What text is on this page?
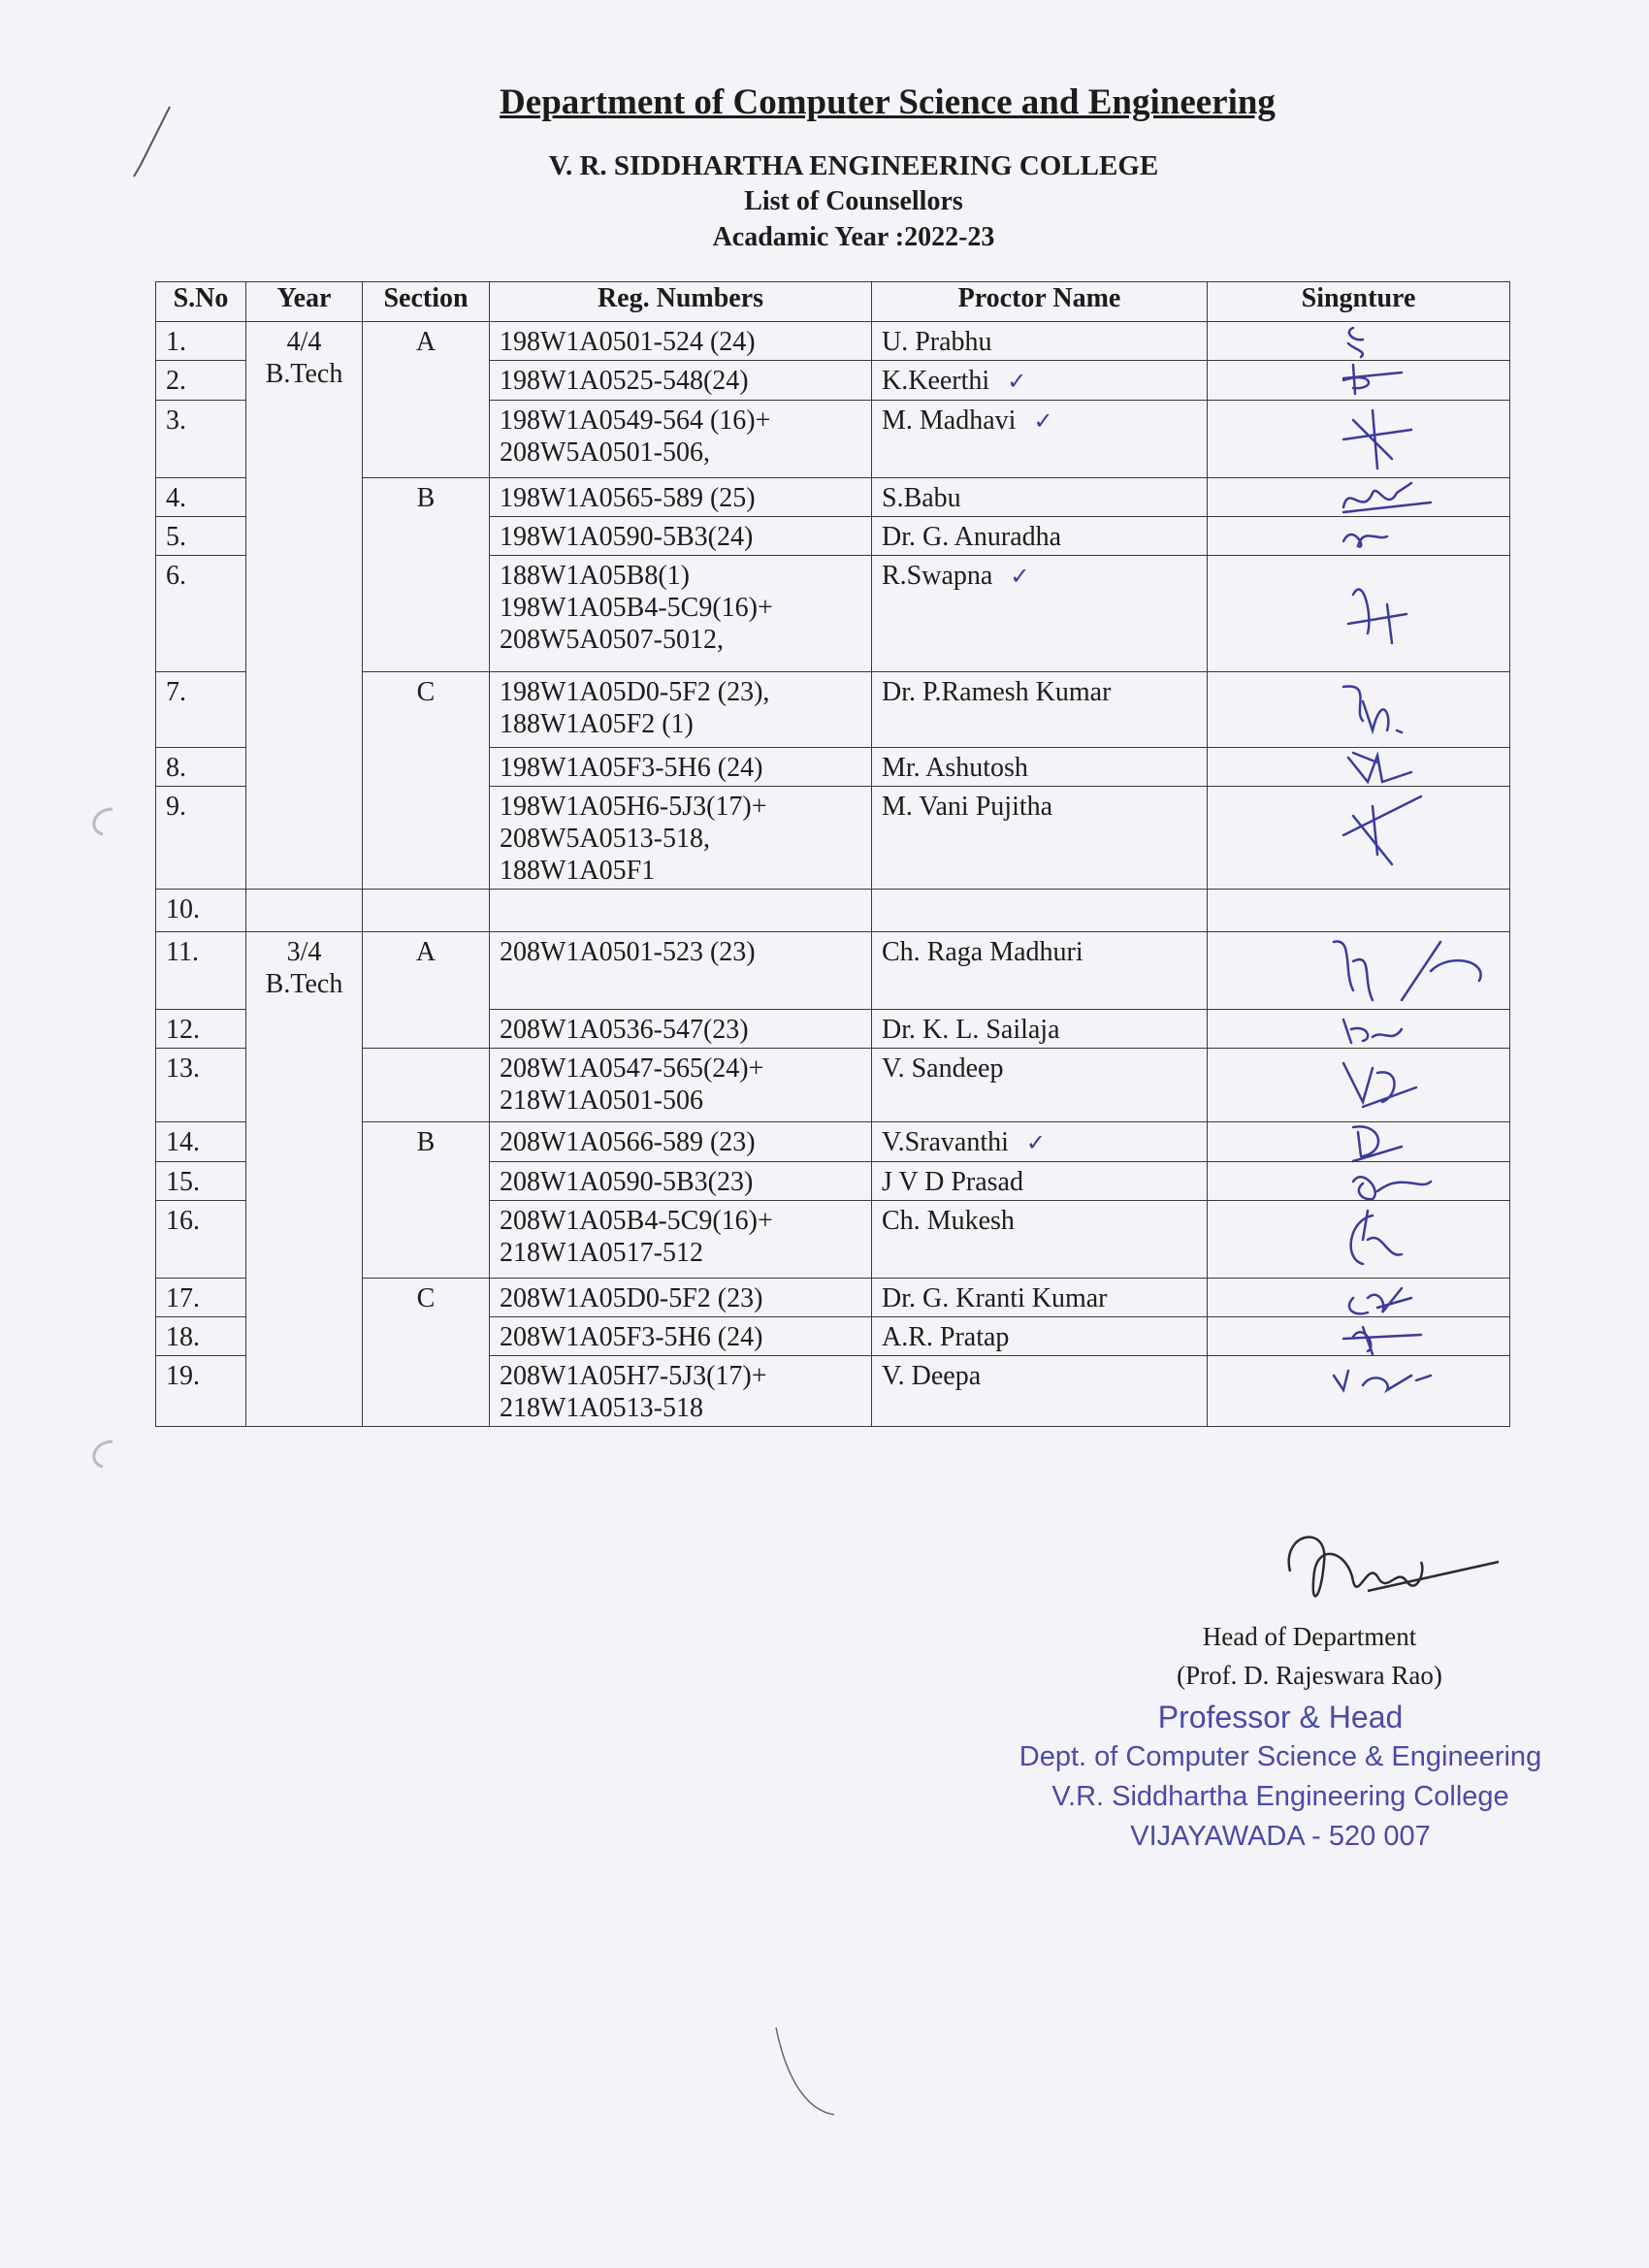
Department of Computer Science and Engineering
V. R. SIDDHARTHA ENGINEERING COLLEGE
List of Counsellors
Acadamic Year :2022-23
S.No	Year	Section	Reg. Numbers	Proctor Name	Singnture
1.	4/4
B.Tech	A	198W1A0501-524 (24)	U. Prabhu	

2.			198W1A0525-548(24)	K.Keerthi ✓	

3.			198W1A0549-564 (16)+
208W5A0501-506,	M. Madhavi ✓	

4.		B	198W1A0565-589 (25)	S.Babu	

5.			198W1A0590-5B3(24)	Dr. G. Anuradha	

6.			188W1A05B8(1)
198W1A05B4-5C9(16)+
208W5A0507-5012,	R.Swapna ✓	

7.		C	198W1A05D0-5F2 (23),
188W1A05F2 (1)	Dr. P.Ramesh Kumar	

8.			198W1A05F3-5H6 (24)	Mr. Ashutosh	

9.			198W1A05H6-5J3(17)+
208W5A0513-518,
188W1A05F1	M. Vani Pujitha	

10.					
11.	3/4
B.Tech	A	208W1A0501-523 (23)	Ch. Raga Madhuri	

12.			208W1A0536-547(23)	Dr. K. L. Sailaja	

13.			208W1A0547-565(24)+
218W1A0501-506	V. Sandeep	

14.		B	208W1A0566-589 (23)	V.Sravanthi ✓	

15.			208W1A0590-5B3(23)	J V D Prasad	

16.			208W1A05B4-5C9(16)+
218W1A0517-512	Ch. Mukesh	

17.		C	208W1A05D0-5F2 (23)	Dr. G. Kranti Kumar	

18.			208W1A05F3-5H6 (24)	A.R. Pratap	

19.			208W1A05H7-5J3(17)+
218W1A0513-518	V. Deepa	
Head of Department
(Prof. D. Rajeswara Rao)
Professor & Head
Dept. of Computer Science & Engineering
V.R. Siddhartha Engineering College
VIJAYAWADA - 520 007
